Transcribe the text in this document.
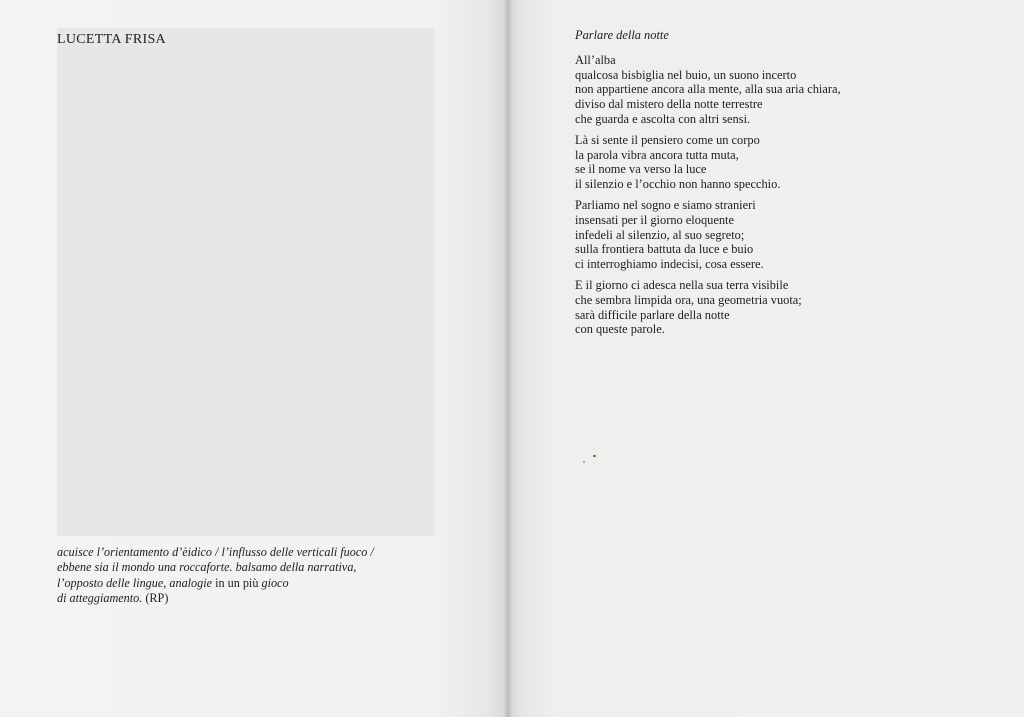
LUCETTA FRISA
acuisce l’orientamento d’èidico / l’influsso delle verticali fuoco /
ebbene sia il mondo una roccaforte. balsamo della narrativa,
l’opposto delle lingue, analogie in un più gioco
di atteggiamento. (RP)
Parlare della notte
All’alba
qualcosa bisbiglia nel buio, un suono incerto
non appartiene ancora alla mente, alla sua aria chiara,
diviso dal mistero della notte terrestre
che guarda e ascolta con altri sensi.
Là si sente il pensiero come un corpo
la parola vibra ancora tutta muta,
se il nome va verso la luce
il silenzio e l’occhio non hanno specchio.
Parliamo nel sogno e siamo stranieri
insensati per il giorno eloquente
infedeli al silenzio, al suo segreto;
sulla frontiera battuta da luce e buio
ci interroghiamo indecisi, cosa essere.
E il giorno ci adesca nella sua terra visibile
che sembra limpida ora, una geometria vuota;
sarà difficile parlare della notte
con queste parole.
